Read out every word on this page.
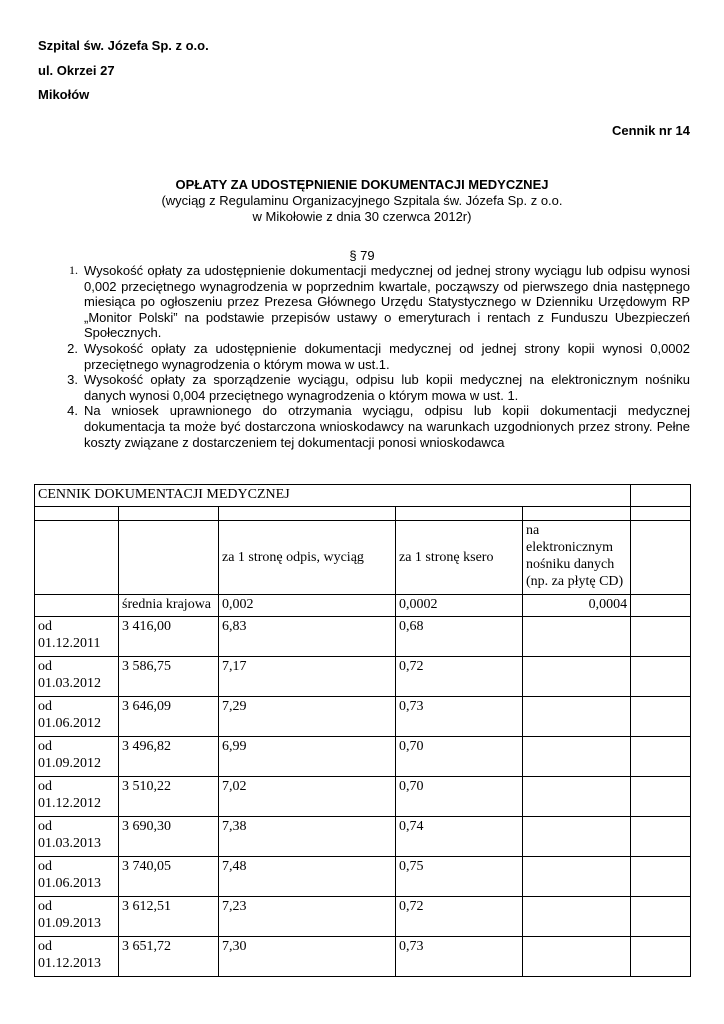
Szpital św. Józefa Sp. z o.o.
ul. Okrzei 27
Mikołów
Cennik nr 14
OPŁATY ZA UDOSTĘPNIENIE DOKUMENTACJI MEDYCZNEJ
(wyciąg z Regulaminu Organizacyjnego Szpitala św. Józefa Sp. z o.o.
w Mikołowie z dnia 30 czerwca 2012r)
§ 79
1. Wysokość opłaty za udostępnienie dokumentacji medycznej od jednej strony wyciągu lub odpisu wynosi 0,002 przeciętnego wynagrodzenia w poprzednim kwartale, począwszy od pierwszego dnia następnego miesiąca po ogłoszeniu przez Prezesa Głównego Urzędu Statystycznego w Dzienniku Urzędowym RP „Monitor Polski” na podstawie przepisów ustawy o emeryturach i rentach z Funduszu Ubezpieczeń Społecznych.
2. Wysokość opłaty za udostępnienie dokumentacji medycznej od jednej strony kopii wynosi 0,0002 przeciętnego wynagrodzenia o którym mowa w ust.1.
3. Wysokość opłaty za sporządzenie wyciągu, odpisu lub kopii medycznej na elektronicznym nośniku danych wynosi 0,004 przeciętnego wynagrodzenia o którym mowa w ust. 1.
4. Na wniosek uprawnionego do otrzymania wyciągu, odpisu lub kopii dokumentacji medycznej dokumentacja ta może być dostarczona wnioskodawcy na warunkach uzgodnionych przez strony. Pełne koszty związane z dostarczeniem tej dokumentacji ponosi wnioskodawca
CENNIK DOKUMENTACJI MEDYCZNEJ					

		za 1 stronę odpis, wyciąg	za 1 stronę ksero	na elektronicznym nośniku danych (np. za płytę CD)	
	średnia krajowa	0,002	0,0002	0,0004	
od
01.12.2011	3 416,00	6,83	0,68		
od
01.03.2012	3 586,75	7,17	0,72		
od
01.06.2012	3 646,09	7,29	0,73		
od
01.09.2012	3 496,82	6,99	0,70		
od
01.12.2012	3 510,22	7,02	0,70		
od
01.03.2013	3 690,30	7,38	0,74		
od
01.06.2013	3 740,05	7,48	0,75		
od
01.09.2013	3 612,51	7,23	0,72		
od
01.12.2013	3 651,72	7,30	0,73		
